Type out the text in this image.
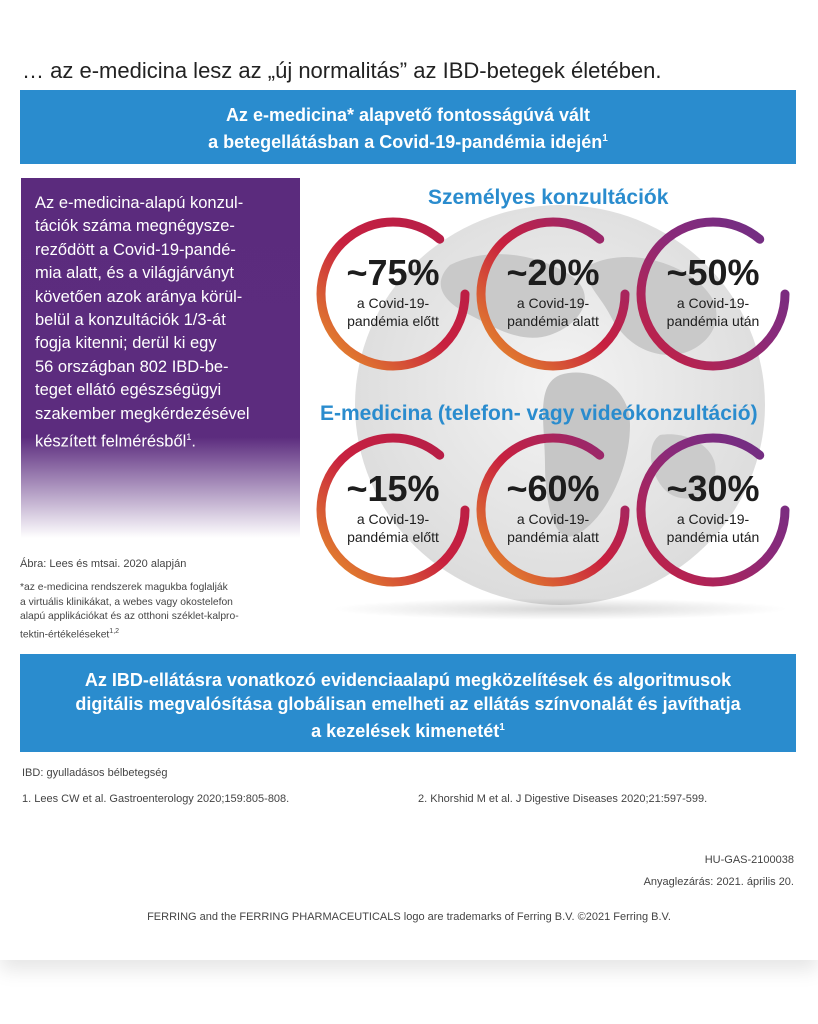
… az e-medicina lesz az „új normalitás” az IBD-betegek életében.
Az e-medicina* alapvető fontosságúvá vált
a betegellátásban a Covid-19-pandémia idején$^1$
Az e-medicina-alapú konzul-
tációk száma megnégysze-
reződött a Covid-19-pandé-
mia alatt, és a világjárványt
követően azok aránya körül-
belül a konzultációk 1/3-át
fogja kitenni; derül ki egy
56 országban 802 IBD-be-
teget ellátó egészségügyi
szakember megkérdezésével
készített felmérésből$^1$.
Ábra: Lees és mtsai. 2020 alapján
*az e-medicina rendszerek magukba foglalják
a virtuális klinikákat, a webes vagy okostelefon
alapú applikációkat és az otthoni széklet-kalpro-
tektin-értékeléseket$^{1,2}$
Személyes konzultációk
E-medicina (telefon- vagy videókonzultáció)
~75%
a Covid-19-
pandémia előtt
~20%
a Covid-19-
pandémia alatt
~50%
a Covid-19-
pandémia után
~15%
a Covid-19-
pandémia előtt
~60%
a Covid-19-
pandémia alatt
~30%
a Covid-19-
pandémia után
Az IBD-ellátásra vonatkozó evidenciaalapú megközelítések és algoritmusok
digitális megvalósítása globálisan emelheti az ellátás színvonalát és javíthatja
a kezelések kimenetét$^1$
IBD: gyulladásos bélbetegség
1. Lees CW et al. Gastroenterology 2020;159:805-808.	2. Khorshid M et al. J Digestive Diseases 2020;21:597-599.
HU-GAS-2100038
Anyaglezárás: 2021. április 20.
FERRING and the FERRING PHARMACEUTICALS logo are trademarks of Ferring B.V. ©2021 Ferring B.V.
